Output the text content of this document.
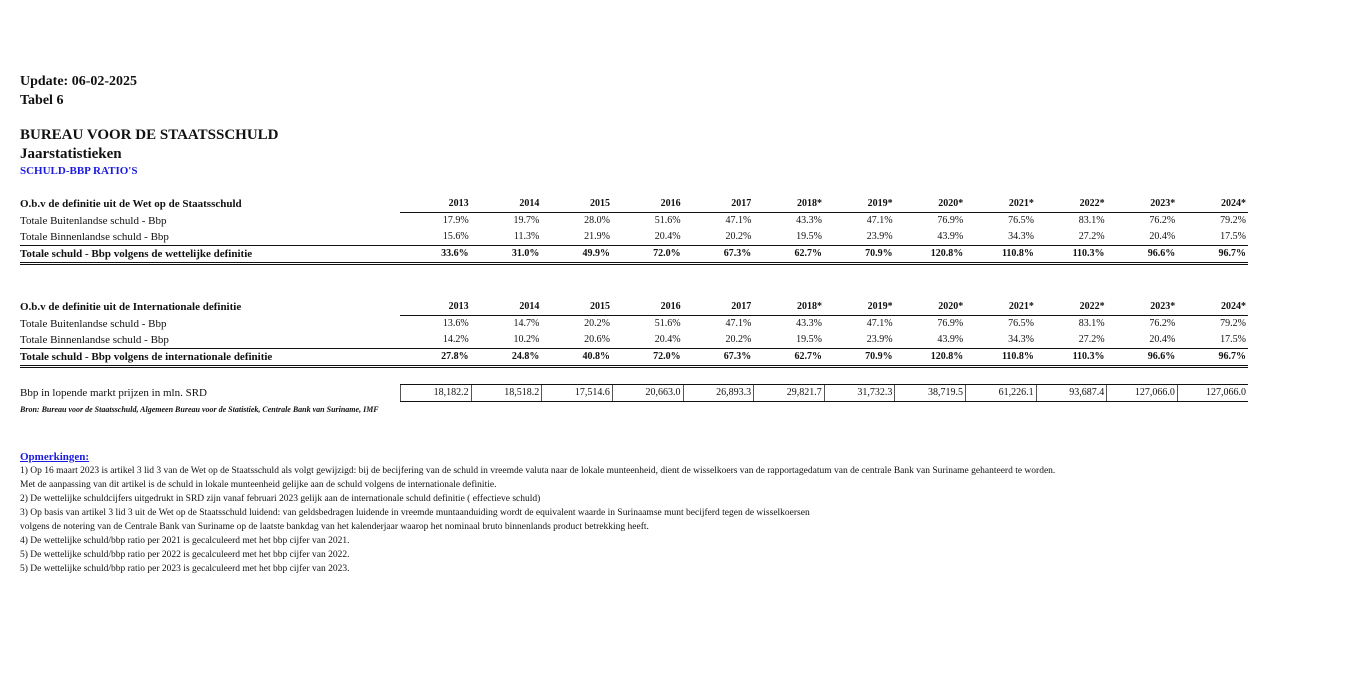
Update: 06-02-2025
Tabel 6
BUREAU VOOR DE STAATSSCHULD
Jaarstatistieken
SCHULD-BBP RATIO'S
O.b.v de definitie uit de Wet op de Staatsschuld	2013	2014	2015	2016	2017	2018*	2019*	2020*	2021*	2022*	2023*	2024*
Totale Buitenlandse schuld - Bbp	17.9%	19.7%	28.0%	51.6%	47.1%	43.3%	47.1%	76.9%	76.5%	83.1%	76.2%	79.2%
Totale Binnenlandse schuld - Bbp	15.6%	11.3%	21.9%	20.4%	20.2%	19.5%	23.9%	43.9%	34.3%	27.2%	20.4%	17.5%
Totale schuld - Bbp volgens de wettelijke definitie	33.6%	31.0%	49.9%	72.0%	67.3%	62.7%	70.9%	120.8%	110.8%	110.3%	96.6%	96.7%
O.b.v de definitie uit de Internationale definitie	2013	2014	2015	2016	2017	2018*	2019*	2020*	2021*	2022*	2023*	2024*
Totale Buitenlandse schuld - Bbp	13.6%	14.7%	20.2%	51.6%	47.1%	43.3%	47.1%	76.9%	76.5%	83.1%	76.2%	79.2%
Totale Binnenlandse schuld - Bbp	14.2%	10.2%	20.6%	20.4%	20.2%	19.5%	23.9%	43.9%	34.3%	27.2%	20.4%	17.5%
Totale schuld - Bbp volgens de internationale definitie	27.8%	24.8%	40.8%	72.0%	67.3%	62.7%	70.9%	120.8%	110.8%	110.3%	96.6%	96.7%
Bbp in lopende markt prijzen in mln. SRD	18,182.2	18,518.2	17,514.6	20,663.0	26,893.3	29,821.7	31,732.3	38,719.5	61,226.1	93,687.4	127,066.0	127,066.0
Bron: Bureau voor de Staatsschuld, Algemeen Bureau voor de Statistiek, Centrale Bank van Suriname, IMF
Opmerkingen:
1) Op 16 maart 2023 is artikel 3 lid 3 van de Wet op de Staatsschuld als volgt gewijzigd: bij de becijfering van de schuld in vreemde valuta naar de lokale munteenheid, dient de wisselkoers van de rapportagedatum van de centrale Bank van Suriname gehanteerd te worden.
Met de aanpassing van dit artikel is de schuld in lokale munteenheid gelijke aan de schuld volgens de internationale definitie.
2) De wettelijke schuldcijfers uitgedrukt in SRD zijn vanaf februari 2023 gelijk aan de internationale schuld definitie ( effectieve schuld)
3) Op basis van artikel 3 lid 3 uit de Wet op de Staatsschuld luidend: van geldsbedragen luidende in vreemde muntaanduiding wordt de equivalent waarde in Surinaamse munt becijferd tegen de wisselkoersen
volgens de notering van de Centrale Bank van Suriname op de laatste bankdag van het kalenderjaar waarop het nominaal bruto binnenlands product betrekking heeft.
4) De wettelijke schuld/bbp ratio per 2021 is gecalculeerd met het bbp cijfer van 2021.
5) De wettelijke schuld/bbp ratio per 2022 is gecalculeerd met het bbp cijfer van 2022.
5) De wettelijke schuld/bbp ratio per 2023 is gecalculeerd met het bbp cijfer van 2023.
